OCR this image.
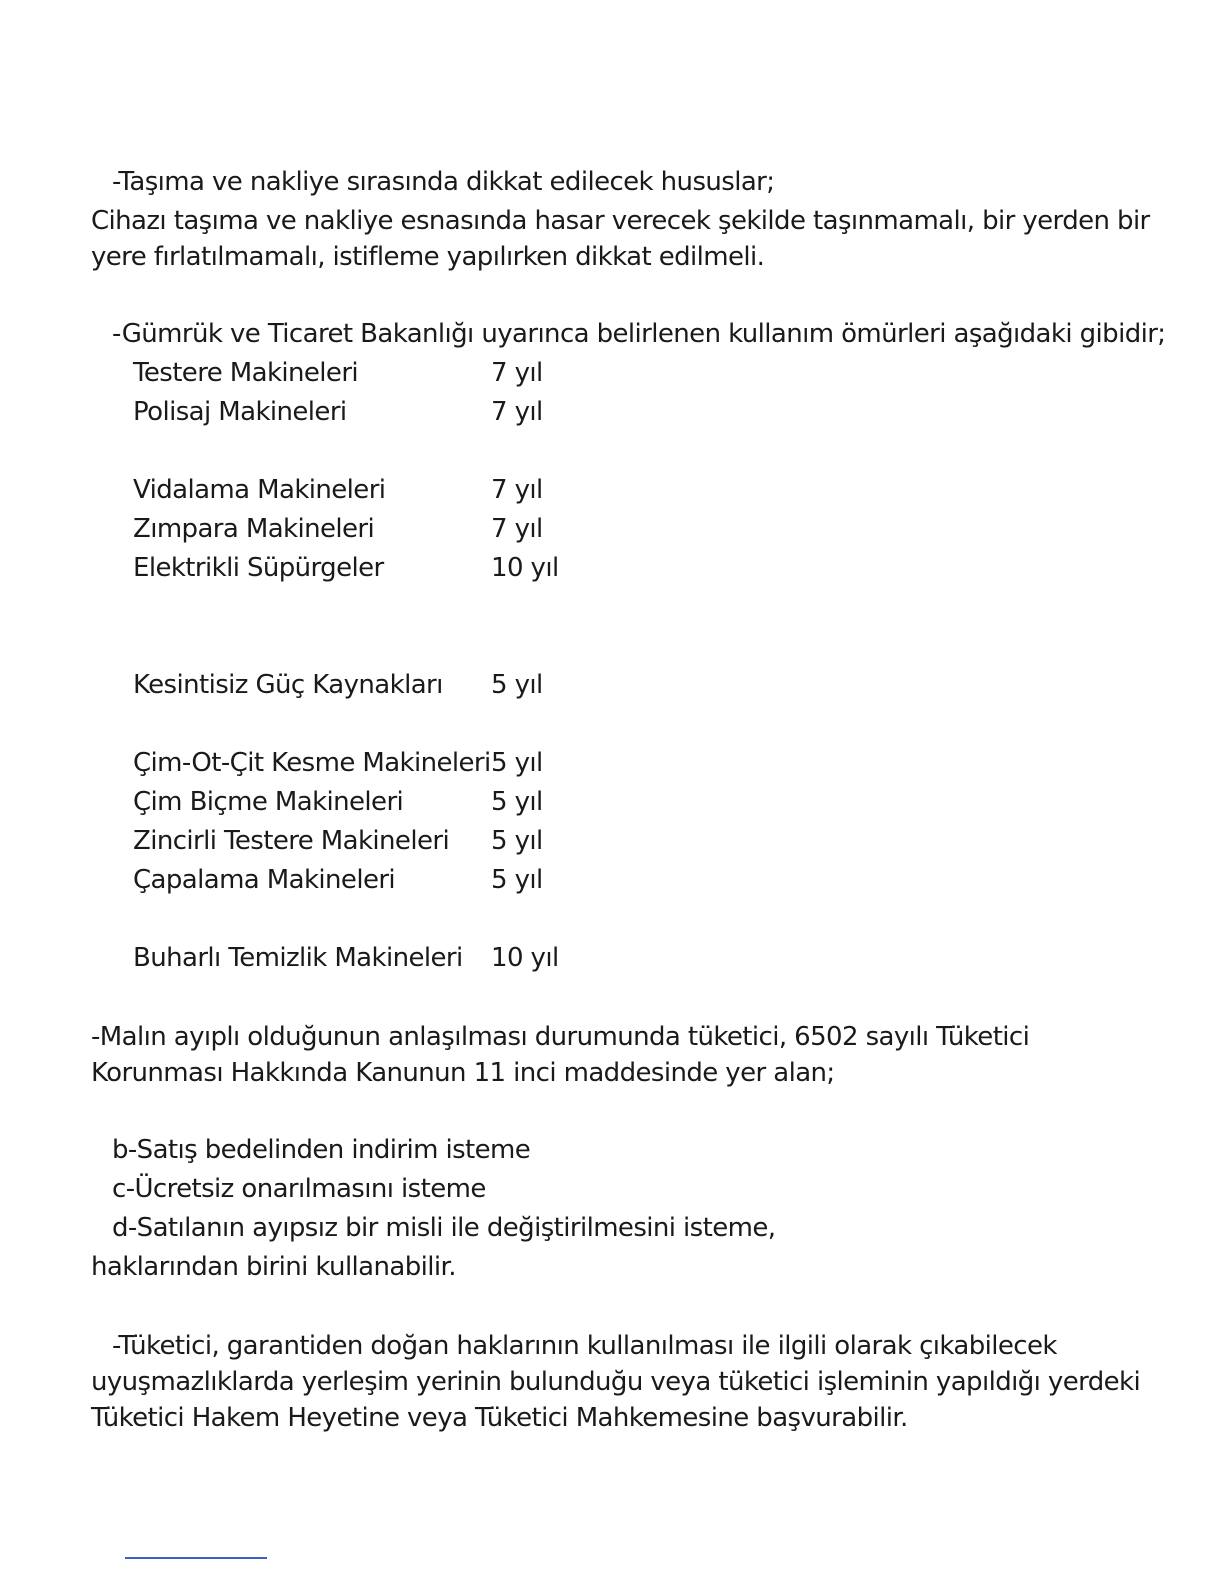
-Taşıma ve nakliye sırasında dikkat edilecek hususlar;
Cihazı taşıma ve nakliye esnasında hasar verecek şekilde taşınmamalı, bir yerden bir
yere fırlatılmamalı, istifleme yapılırken dikkat edilmeli.
-Gümrük ve Ticaret Bakanlığı uyarınca belirlenen kullanım ömürleri aşağıdaki gibidir;
Testere Makineleri	7 yıl
Polisaj Makineleri	7 yıl
Vidalama Makineleri	7 yıl
Zımpara Makineleri	7 yıl
Elektrikli Süpürgeler	10 yıl
Kesintisiz Güç Kaynakları 5 yıl
Çim-Ot-Çit Kesme Makineleri 5 yıl
Çim Biçme Makineleri	5 yıl
Zincirli Testere Makineleri 5 yıl
Çapalama Makineleri	5 yıl
Buharlı Temizlik Makineleri 10 yıl
-Malın ayıplı olduğunun anlaşılması durumunda tüketici, 6502 sayılı Tüketici
Korunması Hakkında Kanunun 11 inci maddesinde yer alan;
b-Satış bedelinden indirim isteme
c-Ücretsiz onarılmasını isteme
d-Satılanın ayıpsız bir misli ile değiştirilmesini isteme,
haklarından birini kullanabilir.
-Tüketici, garantiden doğan haklarının kullanılması ile ilgili olarak çıkabilecek
uyuşmazlıklarda yerleşim yerinin bulunduğu veya tüketici işleminin yapıldığı yerdeki
Tüketici Hakem Heyetine veya Tüketici Mahkemesine başvurabilir.
